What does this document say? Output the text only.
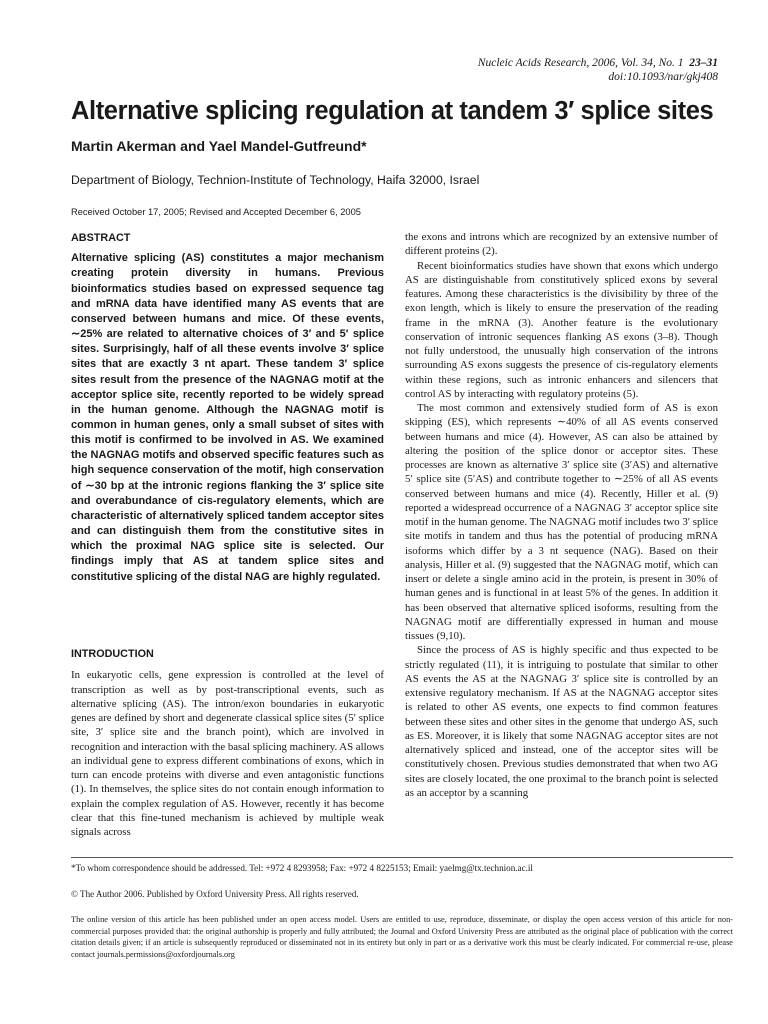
Nucleic Acids Research, 2006, Vol. 34, No. 1 23–31
doi:10.1093/nar/gkj408
Alternative splicing regulation at tandem 3′ splice sites
Martin Akerman and Yael Mandel-Gutfreund*
Department of Biology, Technion-Institute of Technology, Haifa 32000, Israel
Received October 17, 2005; Revised and Accepted December 6, 2005
ABSTRACT
Alternative splicing (AS) constitutes a major mechanism creating protein diversity in humans. Previous bioinformatics studies based on expressed sequence tag and mRNA data have identified many AS events that are conserved between humans and mice. Of these events, ∼25% are related to alternative choices of 3′ and 5′ splice sites. Surprisingly, half of all these events involve 3′ splice sites that are exactly 3 nt apart. These tandem 3′ splice sites result from the presence of the NAGNAG motif at the acceptor splice site, recently reported to be widely spread in the human genome. Although the NAGNAG motif is common in human genes, only a small subset of sites with this motif is confirmed to be involved in AS. We examined the NAGNAG motifs and observed specific features such as high sequence conservation of the motif, high conservation of ∼30 bp at the intronic regions flanking the 3′ splice site and overabundance of cis-regulatory elements, which are characteristic of alternatively spliced tandem acceptor sites and can distinguish them from the constitutive sites in which the proximal NAG splice site is selected. Our findings imply that AS at tandem splice sites and constitutive splicing of the distal NAG are highly regulated.
INTRODUCTION

In eukaryotic cells, gene expression is controlled at the level of transcription as well as by post-transcriptional events, such as alternative splicing (AS). The intron/exon boundaries in eukaryotic genes are defined by short and degenerate classical splice sites (5′ splice site, 3′ splice site and the branch point), which are involved in recognition and interaction with the basal splicing machinery. AS allows an individual gene to express different combinations of exons, which in turn can encode proteins with diverse and even antagonistic functions (1). In themselves, the splice sites do not contain enough information to explain the complex regulation of AS. However, recently it has become clear that this fine-tuned mechanism is achieved by multiple weak signals across

the exons and introns which are recognized by an extensive number of different proteins (2).

Recent bioinformatics studies have shown that exons which undergo AS are distinguishable from constitutively spliced exons by several features. Among these characteristics is the divisibility by three of the exon length, which is likely to ensure the preservation of the reading frame in the mRNA (3). Another feature is the evolutionary conservation of intronic sequences flanking AS exons (3–8). Though not fully understood, the unusually high conservation of the introns surrounding AS exons suggests the presence of cis-regulatory elements within these regions, such as intronic enhancers and silencers that control AS by interacting with regulatory proteins (5).

The most common and extensively studied form of AS is exon skipping (ES), which represents ∼40% of all AS events conserved between humans and mice (4). However, AS can also be attained by altering the position of the splice donor or acceptor sites. These processes are known as alternative 3′ splice site (3′AS) and alternative 5′ splice site (5′AS) and contribute together to ∼25% of all AS events conserved between humans and mice (4). Recently, Hiller et al. (9) reported a widespread occurrence of a NAGNAG 3′ acceptor splice site motif in the human genome. The NAGNAG motif includes two 3′ splice site motifs in tandem and thus has the potential of producing mRNA isoforms which differ by a 3 nt sequence (NAG). Based on their analysis, Hiller et al. (9) suggested that the NAGNAG motif, which can insert or delete a single amino acid in the protein, is present in 30% of human genes and is functional in at least 5% of the genes. In addition it has been observed that alternative spliced isoforms, resulting from the NAGNAG motif are differentially expressed in human and mouse tissues (9,10).

Since the process of AS is highly specific and thus expected to be strictly regulated (11), it is intriguing to postulate that similar to other AS events the AS at the NAGNAG 3′ splice site is controlled by an extensive regulatory mechanism. If AS at the NAGNAG acceptor sites is related to other AS events, one expects to find common features between these sites and other sites in the genome that undergo AS, such as ES. Moreover, it is likely that some NAGNAG acceptor sites are not alternatively spliced and instead, one of the acceptor sites will be constitutively chosen. Previous studies demonstrated that when two AG sites are closely located, the one proximal to the branch point is selected as an acceptor by a scanning

*To whom correspondence should be addressed. Tel: +972 4 8293958; Fax: +972 4 8225153; Email: yaelmg@tx.technion.ac.il
© The Author 2006. Published by Oxford University Press. All rights reserved.
The online version of this article has been published under an open access model. Users are entitled to use, reproduce, disseminate, or display the open access version of this article for non-commercial purposes provided that: the original authorship is properly and fully attributed; the Journal and Oxford University Press are attributed as the original place of publication with the correct citation details given; if an article is subsequently reproduced or disseminated not in its entirety but only in part or as a derivative work this must be clearly indicated. For commercial re-use, please contact journals.permissions@oxfordjournals.org
